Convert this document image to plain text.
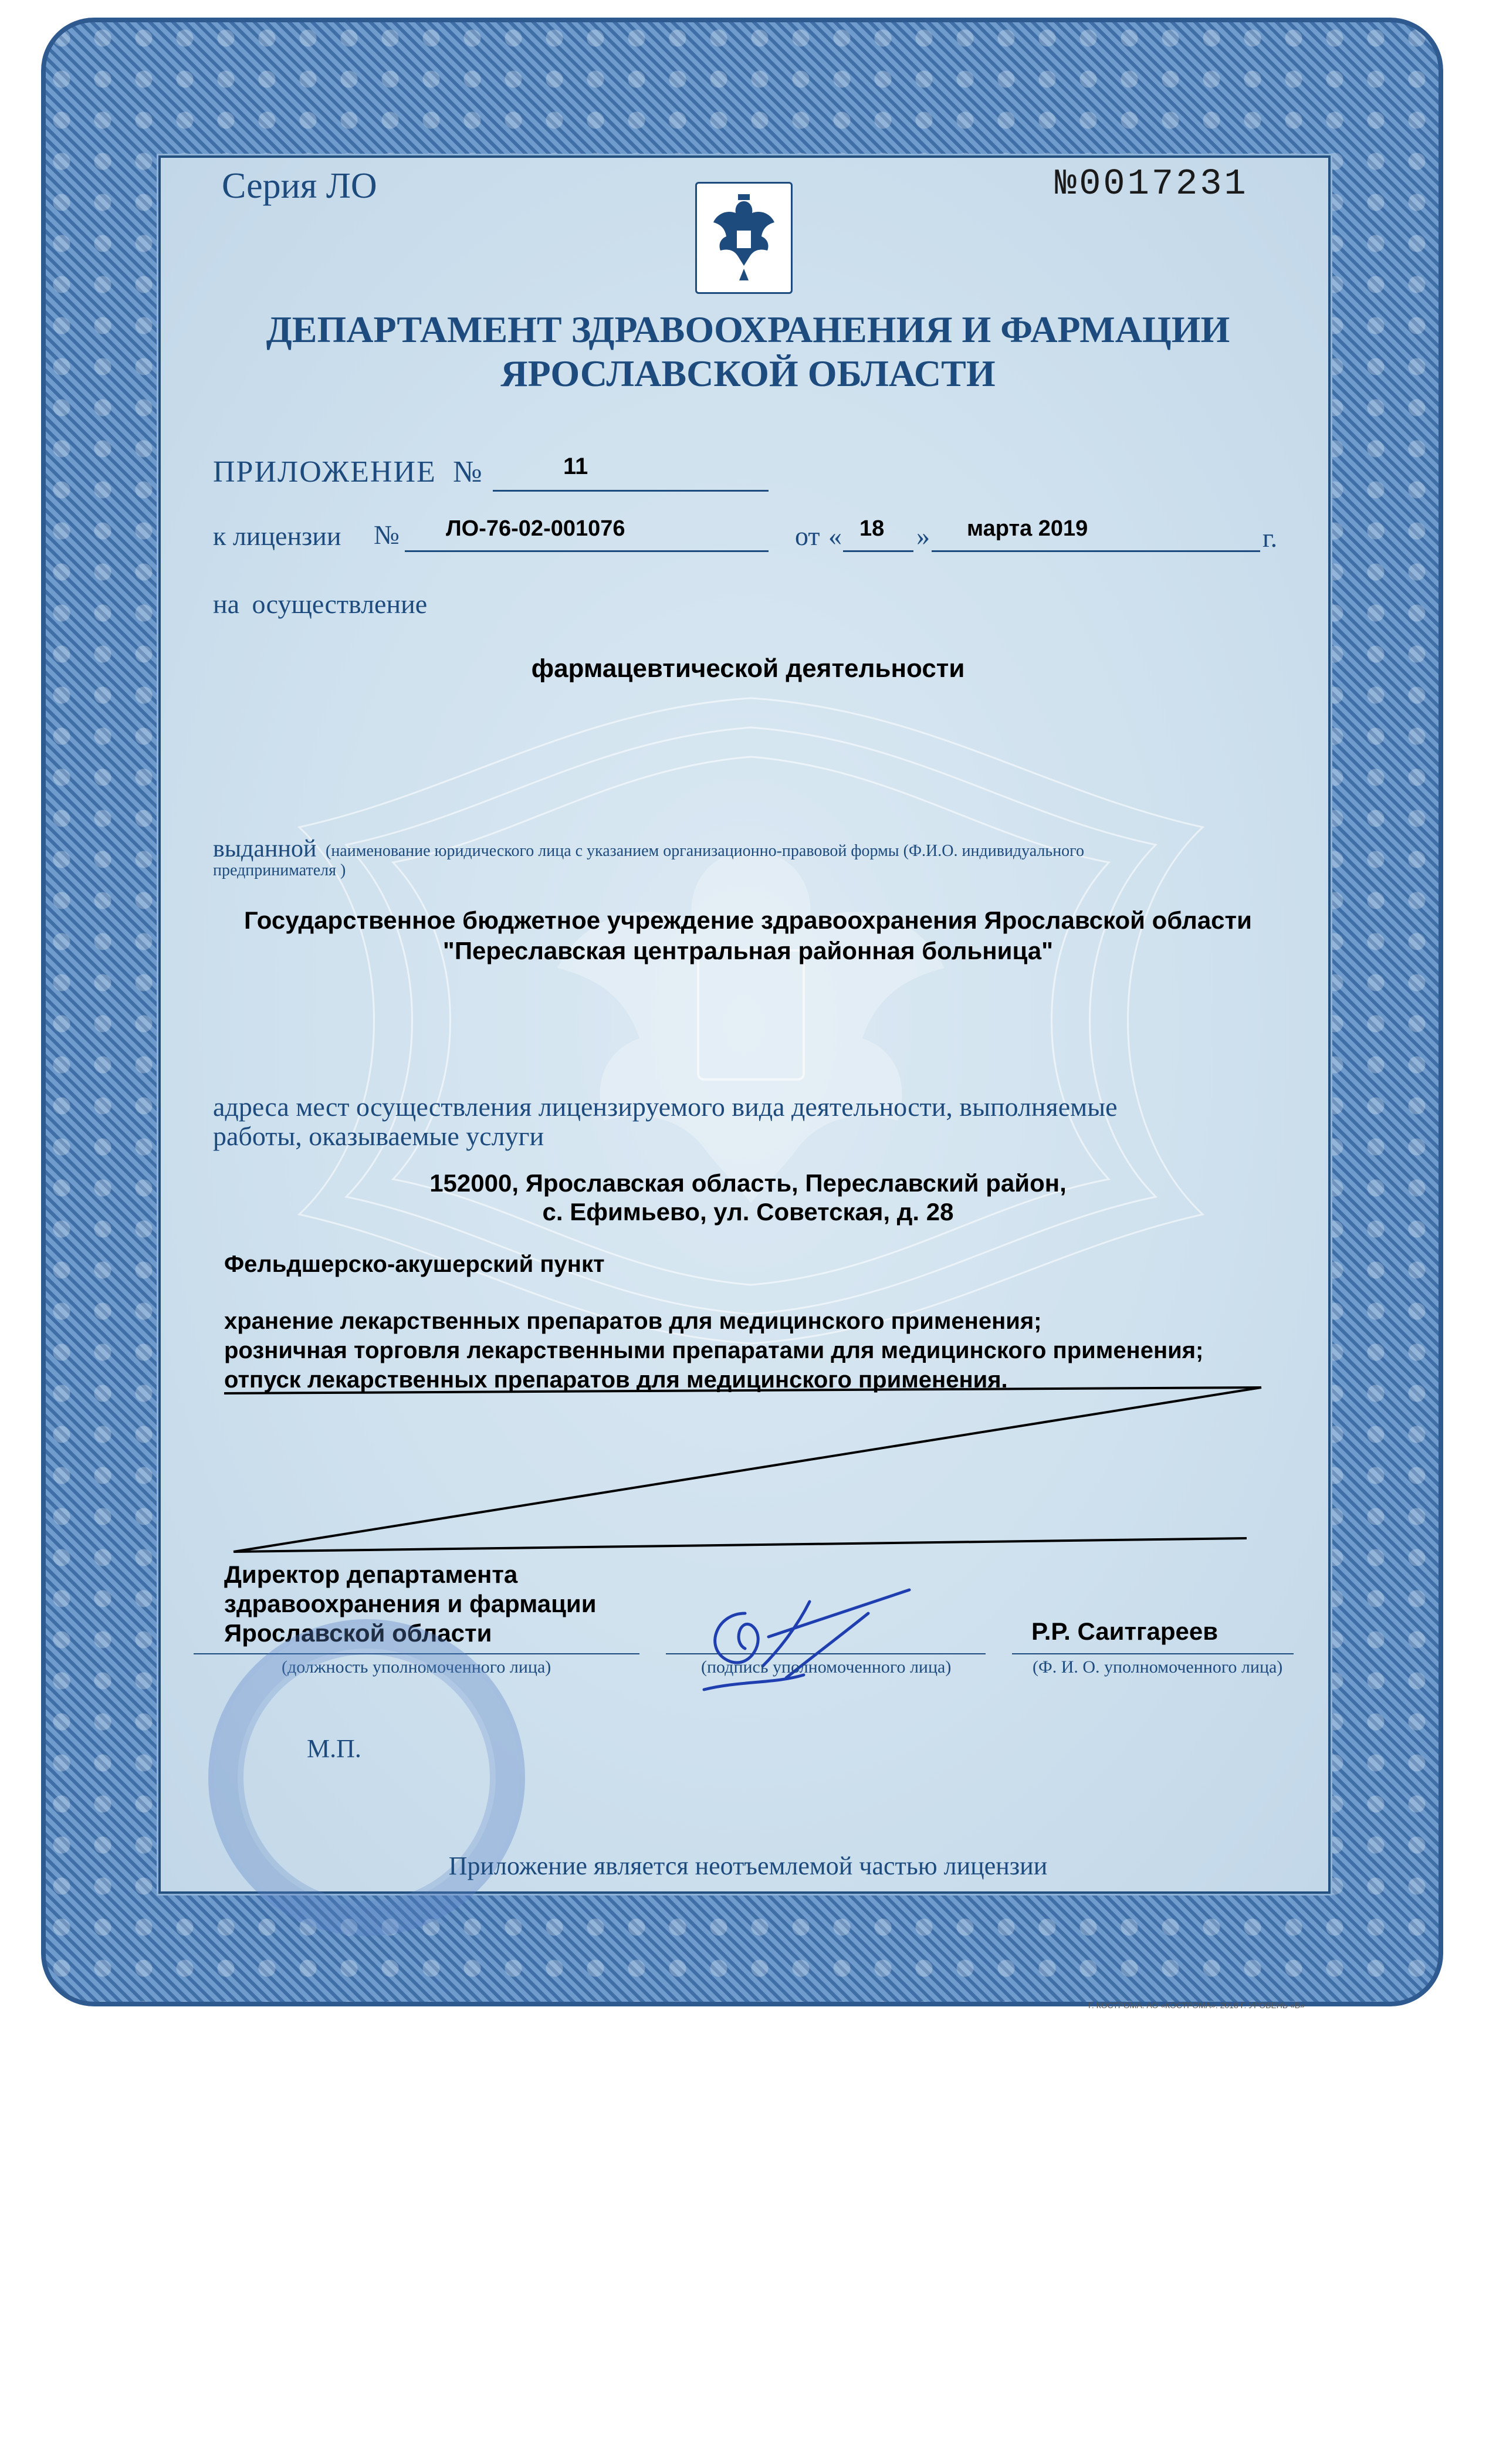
Серия ЛО	№0017231
ДЕПАРТАМЕНТ ЗДРАВООХРАНЕНИЯ И ФАРМАЦИИ
ЯРОСЛАВСКОЙ ОБЛАСТИ
ПРИЛОЖЕНИЕ №	11
к лицензии № ЛО-76-02-001076	от « 18 » марта 2019	г.
на осуществление
фармацевтической деятельности
выданной (наименование юридического лица с указанием организационно-правовой формы (Ф.И.О. индивидуального
предпринимателя )
Государственное бюджетное учреждение здравоохранения Ярославской области
"Переславская центральная районная больница"
адреса мест осуществления лицензируемого вида деятельности, выполняемые
работы, оказываемые услуги
152000, Ярославская область, Переславский район,
с. Ефимьево, ул. Советская, д. 28
Фельдшерско-акушерский пункт
хранение лекарственных препаратов для медицинского применения;
розничная торговля лекарственными препаратами для медицинского применения;
отпуск лекарственных препаратов для медицинского применения.
Директор департамента
здравоохранения и фармации
Ярославской области	Р.Р. Саитгареев
(должность уполномоченного лица)	(подпись уполномоченного лица)	(Ф. И. О. уполномоченного лица)
М.П.
Приложение является неотъемлемой частью лицензии
Г. КОСТРОМА. АО «КОСТРОМА». 2018 Г. УРОВЕНЬ «В»
